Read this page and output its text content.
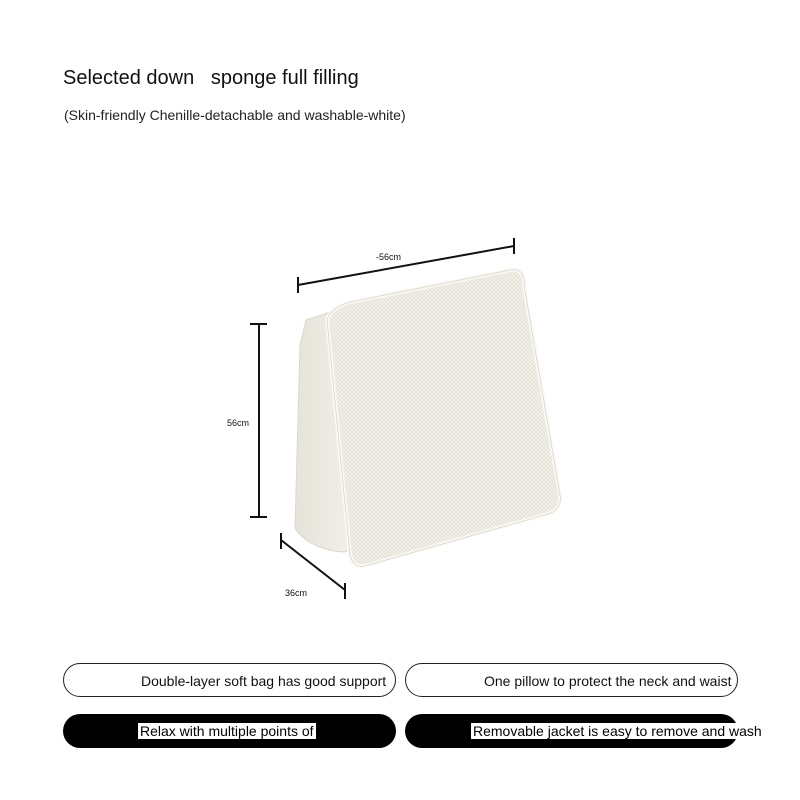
Selected down   sponge full filling
(Skin-friendly Chenille-detachable and washable-white)
-56cm
56cm
36cm
Double-layer soft bag has good support	One pillow to protect the neck and waist
Relax with multiple points of	Removable jacket is easy to remove and wash
